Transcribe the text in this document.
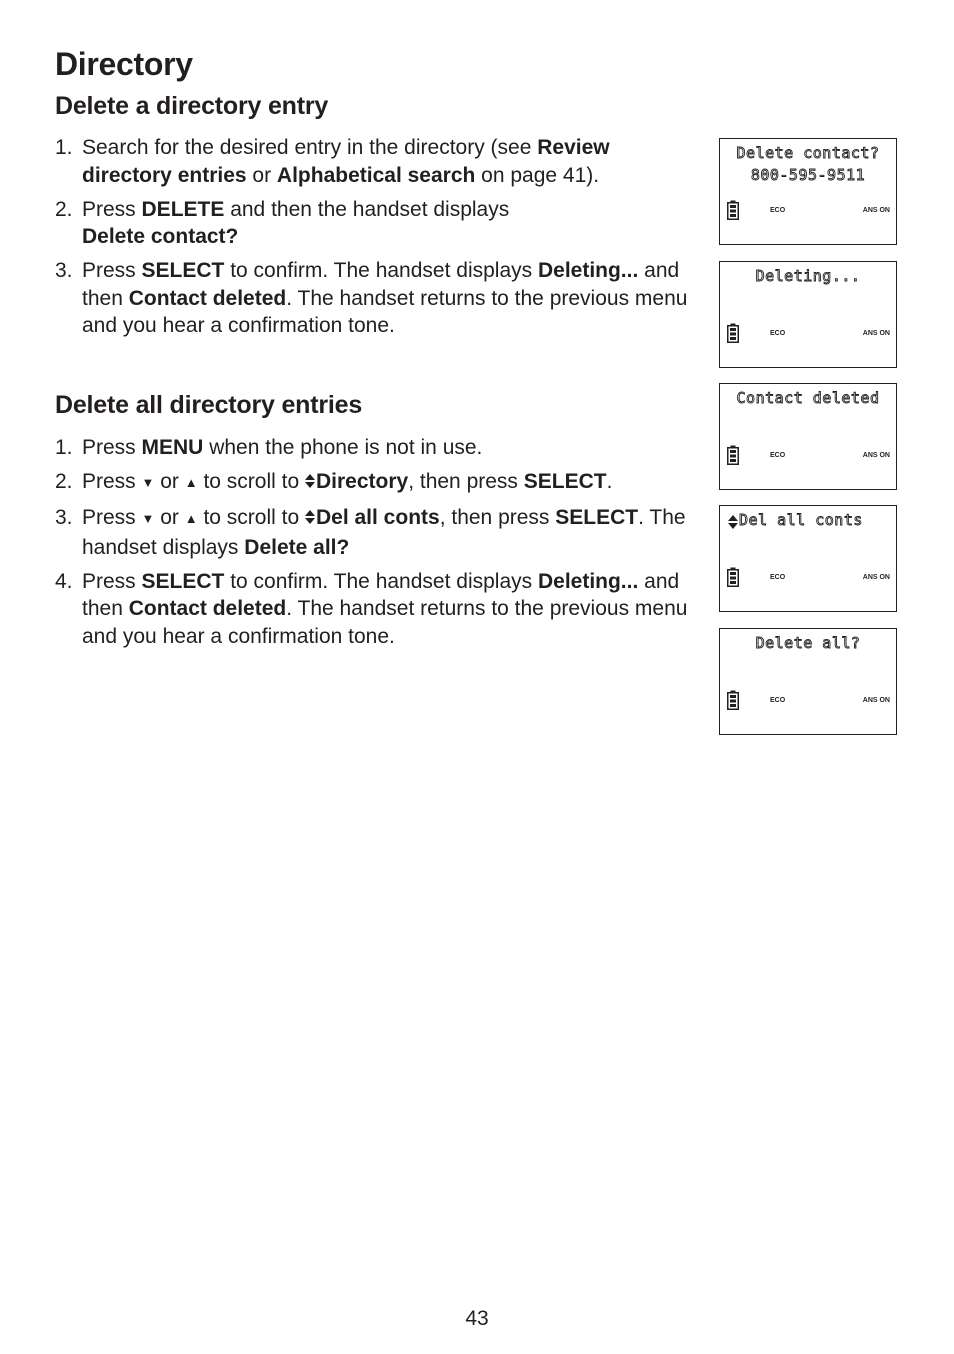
Directory
Delete a directory entry
1. Search for the desired entry in the directory (see Review directory entries or Alphabetical search on page 41).
2. Press DELETE and then the handset displays
Delete contact?
3. Press SELECT to confirm. The handset displays Deleting... and then Contact deleted. The handset returns to the previous menu and you hear a confirmation tone.
Delete all directory entries
1. Press MENU when the phone is not in use.
2. Press ▼ or ▲ to scroll to
Directory, then press SELECT.
3. Press ▼ or ▲ to scroll to
Del all conts, then press SELECT. The handset displays Delete all?
4. Press SELECT to confirm. The handset displays Deleting... and then Contact deleted. The handset returns to the previous menu and you hear a confirmation tone.
Delete contact?
800-595-9511
ECO	ANS ON
Deleting...
ECO	ANS ON
Contact deleted
ECO	ANS ON
Del all conts
ECO	ANS ON
Delete all?
ECO	ANS ON
43
